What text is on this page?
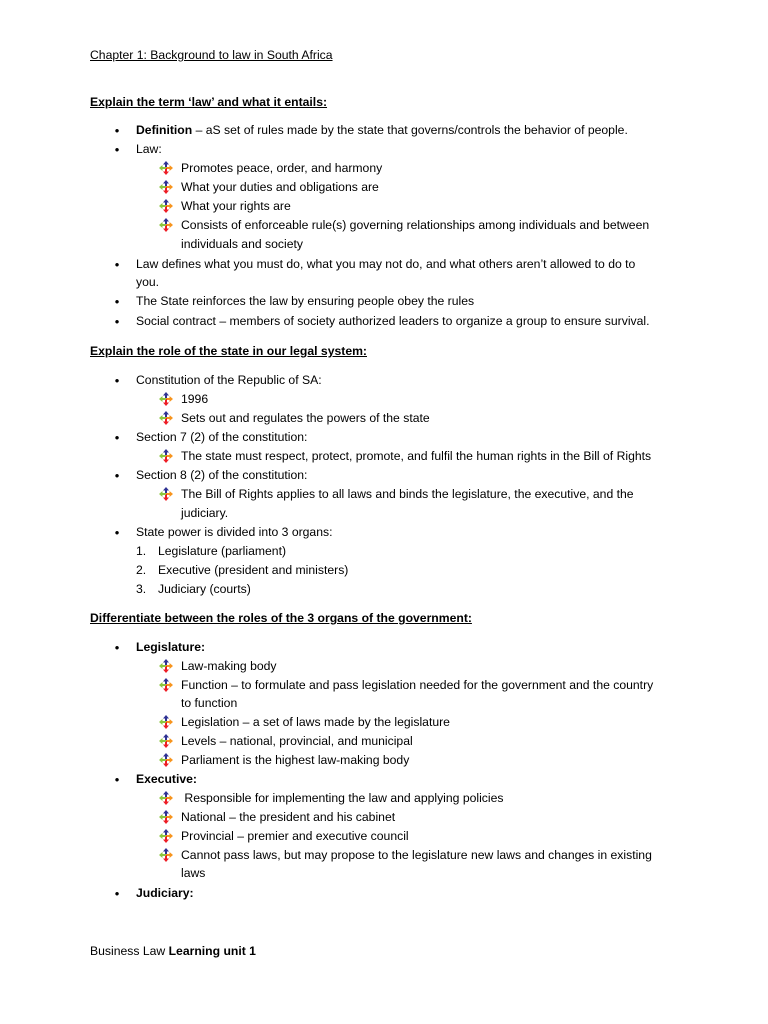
Chapter 1: Background to law in South Africa
Explain the term ‘law’ and what it entails:
• Definition – aS set of rules made by the state that governs/controls the behavior of people.
• Law:
Promotes peace, order, and harmony
What your duties and obligations are
What your rights are
Consists of enforceable rule(s) governing relationships among individuals and between
individuals and society
• Law defines what you must do, what you may not do, and what others aren’t allowed to do to
you.
• The State reinforces the law by ensuring people obey the rules
• Social contract – members of society authorized leaders to organize a group to ensure survival.
Explain the role of the state in our legal system:
• Constitution of the Republic of SA:
1996
Sets out and regulates the powers of the state
• Section 7 (2) of the constitution:
The state must respect, protect, promote, and fulfil the human rights in the Bill of Rights
• Section 8 (2) of the constitution:
The Bill of Rights applies to all laws and binds the legislature, the executive, and the
judiciary.
• State power is divided into 3 organs:
1. Legislature (parliament)
2. Executive (president and ministers)
3. Judiciary (courts)
Differentiate between the roles of the 3 organs of the government:
• Legislature:
Law-making body
Function – to formulate and pass legislation needed for the government and the country
to function
Legislation – a set of laws made by the legislature
Levels – national, provincial, and municipal
Parliament is the highest law-making body
• Executive:
Responsible for implementing the law and applying policies
National – the president and his cabinet
Provincial – premier and executive council
Cannot pass laws, but may propose to the legislature new laws and changes in existing
laws
• Judiciary:
Business Law Learning unit 1
